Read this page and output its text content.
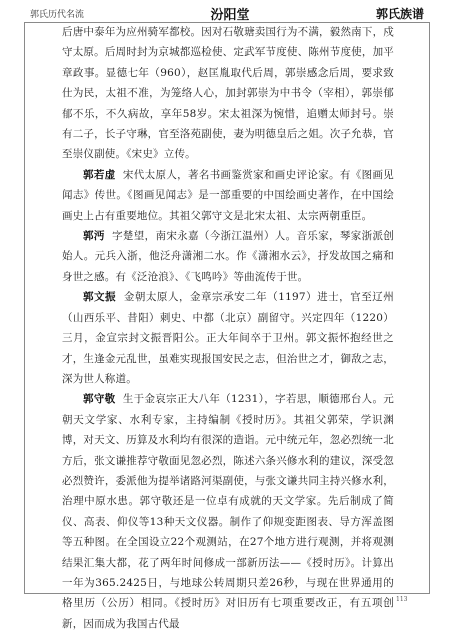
郭氏历代名流	汾阳堂	郭氏族谱

后唐中泰年为应州骑军都校。因对石敬瑭卖国行为不满，毅然南下，戍守太原。后周时封为京城都巡检使、定武军节度使、陈州节度使，加平章政事。显德七年（960），赵匡胤取代后周，郭崇感念后周，要求致仕为民，太祖不准，为笼络人心，加封郭崇为中书令（宰相），郭崇郁郁不乐，不久病故，享年58岁。宋太祖深为惋惜，追赠太师封号。崇有二子，长子守琳，官至洛苑副使，妻为明德皇后之姐。次子允恭，官至崇仪副使。《宋史》立传。

郭若虚 宋代太原人，著名书画鉴赏家和画史评论家。有《图画见闻志》传世。《图画见闻志》是一部重要的中国绘画史著作，在中国绘画史上占有重要地位。其祖父郭守文是北宋太祖、太宗两朝重臣。

郭沔 字楚望，南宋永嘉（今浙江温州）人。音乐家，琴家浙派创始人。元兵入浙，他泛舟潇湘二水。作《潇湘水云》，抒发故国之痛和身世之感。有《泛沧浪》、《飞鸣吟》等曲流传于世。

郭文振 金朝太原人，金章宗承安二年（1197）进士，官至辽州（山西乐平、昔阳）刺史、中都（北京）副留守。兴定四年（1220）三月，金宣宗封文振晋阳公。正大年间卒于卫州。郭文振怀抱经世之才，生逢金元乱世，虽难实现报国安民之志，但治世之才，御敌之志，深为世人称道。

郭守敬 生于金哀宗正大八年（1231），字若思，顺德邢台人。元朝天文学家、水利专家，主持编制《授时历》。其祖父郭荣，学识渊博，对天文、历算及水利均有很深的造诣。元中统元年，忽必烈统一北方后，张文谦推荐守敬面见忽必烈，陈述六条兴修水利的建议，深受忽必烈赞许，委派他为提举诸路河渠副使，与张文谦共同主持兴修水利，治理中原水患。郭守敬还是一位卓有成就的天文学家。先后制成了简仪、高表、仰仪等13种天文仪器。制作了仰规变距图表、导方浑盖图等五种图。在全国设立22个观测站，在27个地方进行观测，并将观测结果汇集大都，花了两年时间修成一部新历法——《授时历》。计算出一年为365.2425日，与地球公转周期只差26秒，与现在世界通用的格里历（公历）相同。《授时历》对旧历有七项重要改正，有五项创新，因而成为我国古代最

113
